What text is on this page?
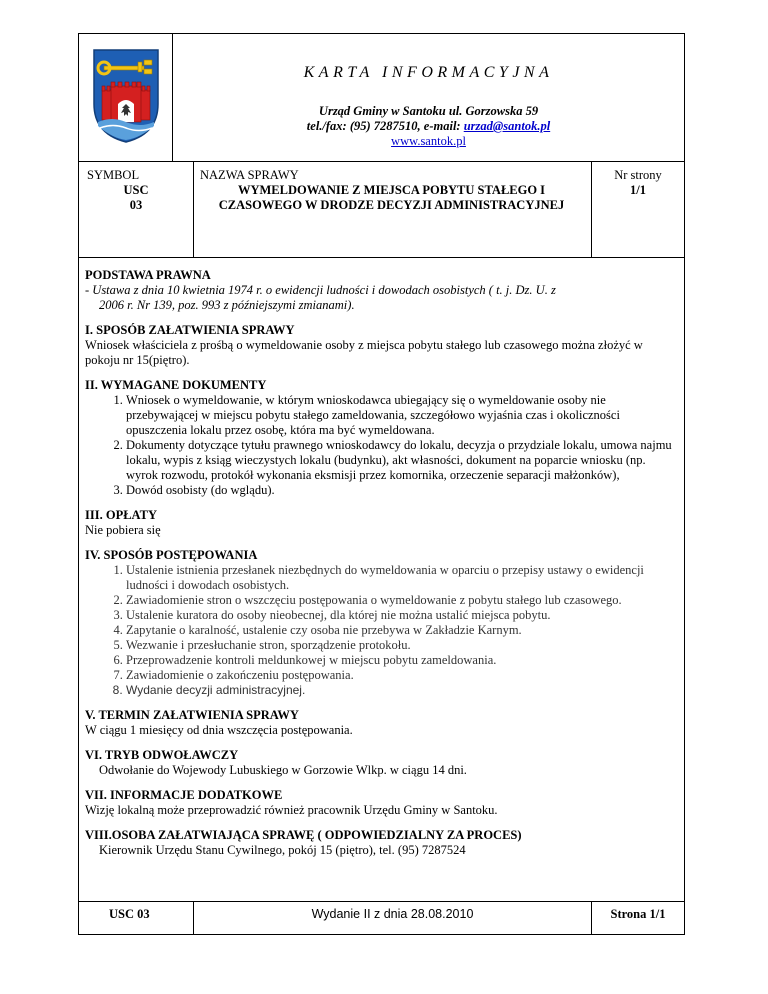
KARTA INFORMACYJNA
Urząd Gminy w Santoku ul. Gorzowska 59
tel./fax: (95) 7287510, e-mail: urzad@santok.pl
www.santok.pl
SYMBOL
USC
03
NAZWA SPRAWY
WYMELDOWANIE Z MIEJSCA POBYTU STAŁEGO I CZASOWEGO W DRODZE DECYZJI ADMINISTRACYJNEJ
Nr strony
1/1
PODSTAWA PRAWNA
- Ustawa z dnia 10 kwietnia 1974 r. o ewidencji ludności i dowodach osobistych ( t. j. Dz. U. z
2006 r. Nr 139, poz. 993 z późniejszymi zmianami).
I. SPOSÓB ZAŁATWIENIA SPRAWY
Wniosek właściciela z prośbą o wymeldowanie osoby z miejsca pobytu stałego lub czasowego można złożyć w pokoju nr 15(piętro).
II. WYMAGANE DOKUMENTY
1. Wniosek o wymeldowanie, w którym wnioskodawca ubiegający się o wymeldowanie osoby nie przebywającej w miejscu pobytu stałego zameldowania, szczegółowo wyjaśnia czas i okoliczności opuszczenia lokalu przez osobę, która ma być wymeldowana.
2. Dokumenty dotyczące tytułu prawnego wnioskodawcy do lokalu, decyzja o przydziale lokalu, umowa najmu lokalu, wypis z ksiąg wieczystych lokalu (budynku), akt własności, dokument na poparcie wniosku (np. wyrok rozwodu, protokół wykonania eksmisji przez komornika, orzeczenie separacji małżonków),
3. Dowód osobisty (do wglądu).
III. OPŁATY
Nie pobiera się
IV. SPOSÓB POSTĘPOWANIA
1. Ustalenie istnienia przesłanek niezbędnych do wymeldowania w oparciu o przepisy ustawy o ewidencji ludności i dowodach osobistych.
2. Zawiadomienie stron o wszczęciu postępowania o wymeldowanie z pobytu stałego lub czasowego.
3. Ustalenie kuratora do osoby nieobecnej, dla której nie można ustalić miejsca pobytu.
4. Zapytanie o karalność, ustalenie czy osoba nie przebywa w Zakładzie Karnym.
5. Wezwanie i przesłuchanie stron, sporządzenie protokołu.
6. Przeprowadzenie kontroli meldunkowej w miejscu pobytu zameldowania.
7. Zawiadomienie o zakończeniu postępowania.
8. Wydanie decyzji administracyjnej.
V. TERMIN ZAŁATWIENIA SPRAWY
W ciągu 1 miesięcy od dnia wszczęcia postępowania.
VI. TRYB ODWOŁAWCZY
Odwołanie do Wojewody Lubuskiego w Gorzowie Wlkp. w ciągu 14 dni.
VII. INFORMACJE DODATKOWE
Wizję lokalną może przeprowadzić również pracownik Urzędu Gminy w Santoku.
VIII.OSOBA ZAŁATWIAJĄCA SPRAWĘ ( ODPOWIEDZIALNY ZA PROCES)
Kierownik Urzędu Stanu Cywilnego, pokój 15 (piętro), tel. (95) 7287524
USC 03	Wydanie II z dnia 28.08.2010	Strona 1/1
